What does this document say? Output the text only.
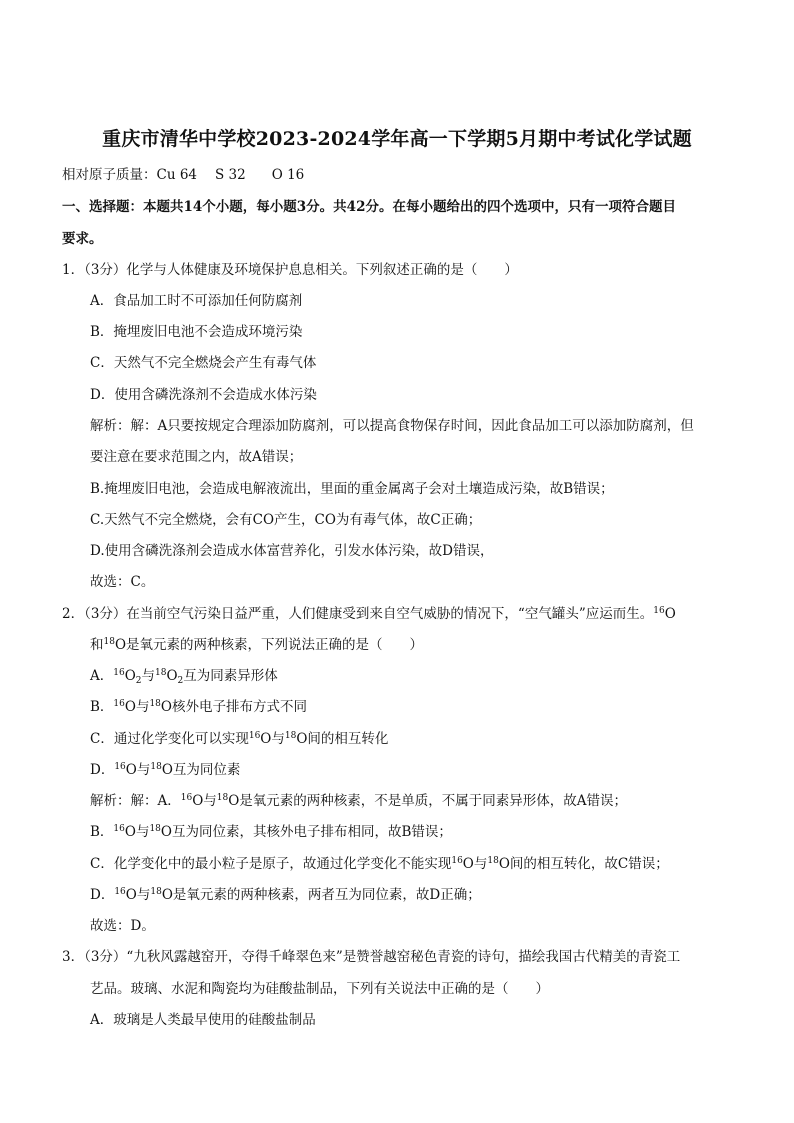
重庆市清华中学校2023-2024学年高一下学期5月期中考试化学试题
相对原子质量：Cu 64 S 32 O 16
一、选择题：本题共14个小题，每小题3分。共42分。在每小题给出的四个选项中，只有一项符合题目
要求。
1．（3分）化学与人体健康及环境保护息息相关。下列叙述正确的是（　　）
A．食品加工时不可添加任何防腐剂
B．掩埋废旧电池不会造成环境污染
C．天然气不完全燃烧会产生有毒气体
D．使用含磷洗涤剂不会造成水体污染
解析：解：A只要按规定合理添加防腐剂，可以提高食物保存时间，因此食品加工可以添加防腐剂，但
要注意在要求范围之内，故A错误；
B.掩埋废旧电池，会造成电解液流出，里面的重金属离子会对土壤造成污染，故B错误；
C.天然气不完全燃烧，会有CO产生，CO为有毒气体，故C正确；
D.使用含磷洗涤剂会造成水体富营养化，引发水体污染，故D错误，
故选：C。
2．（3分）在当前空气污染日益严重，人们健康受到来自空气威胁的情况下，“空气罐头”应运而生。$^{16}$O
和$^{18}$O是氧元素的两种核素，下列说法正确的是（　　）
A．$^{16}O_2$与$^{18}O_2$互为同素异形体
B．$^{16}$O与$^{18}$O核外电子排布方式不同
C．通过化学变化可以实现$^{16}$O与$^{18}$O间的相互转化
D．$^{16}$O与$^{18}$O互为同位素
解析：解：A．$^{16}$O与$^{18}$O是氧元素的两种核素，不是单质，不属于同素异形体，故A错误；
B．$^{16}$O与$^{18}$O互为同位素，其核外电子排布相同，故B错误；
C．化学变化中的最小粒子是原子，故通过化学变化不能实现$^{16}$O与$^{18}$O间的相互转化，故C错误；
D．$^{16}$O与$^{18}$O是氧元素的两种核素，两者互为同位素，故D正确；
故选：D。
3．（3分）“九秋风露越窑开，夺得千峰翠色来”是赞誉越窑秘色青瓷的诗句，描绘我国古代精美的青瓷工
艺品。玻璃、水泥和陶瓷均为硅酸盐制品，下列有关说法中正确的是（　　）
A．玻璃是人类最早使用的硅酸盐制品
